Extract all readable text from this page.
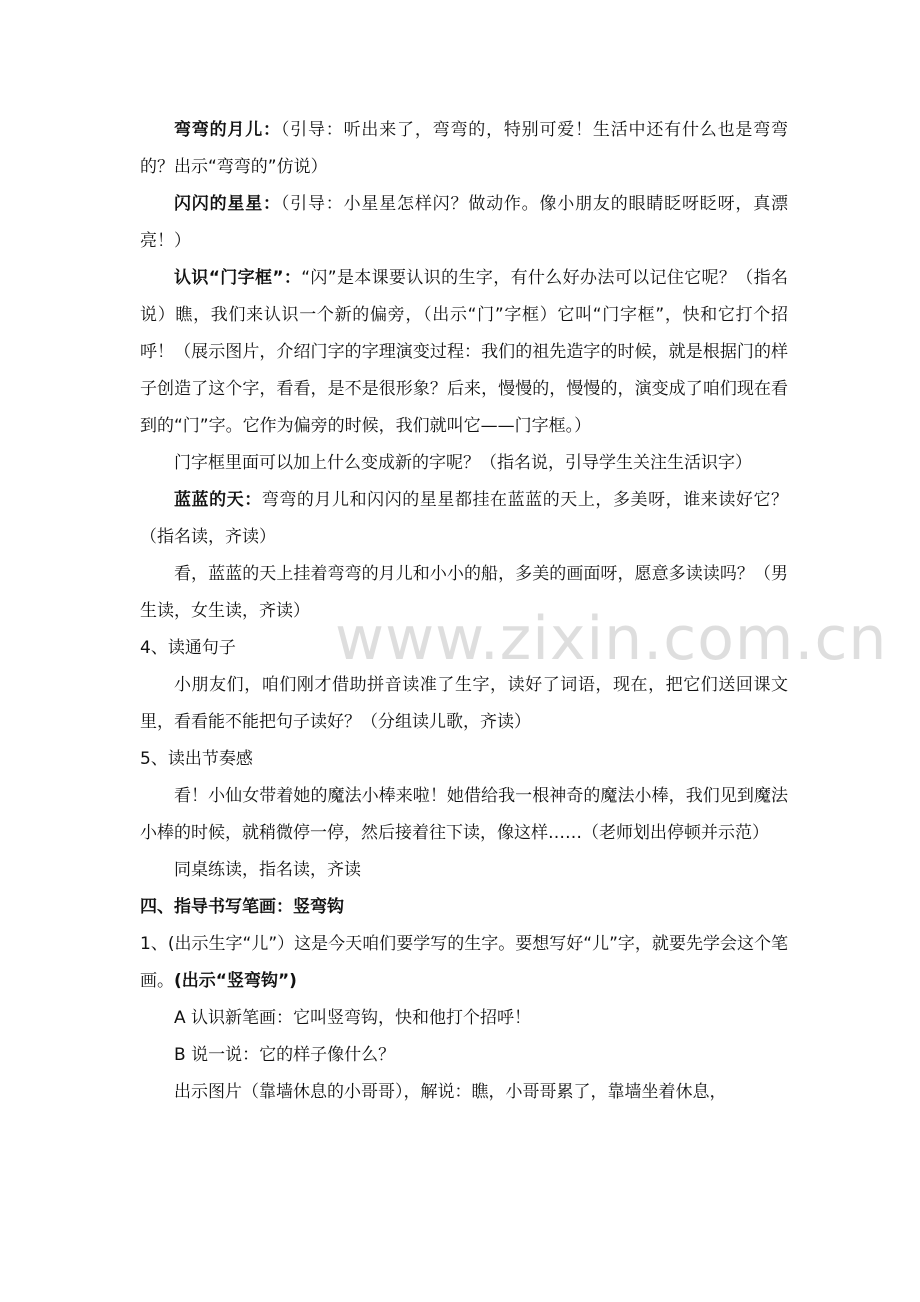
弯弯的月儿：（引导：听出来了，弯弯的，特别可爱！生活中还有什么也是弯弯的？出示“弯弯的”仿说）

闪闪的星星：（引导：小星星怎样闪？做动作。像小朋友的眼睛眨呀眨呀，真漂亮！）

认识“门字框”：“闪”是本课要认识的生字，有什么好办法可以记住它呢？（指名说）瞧，我们来认识一个新的偏旁，（出示“门”字框）它叫“门字框”，快和它打个招呼！（展示图片，介绍门字的字理演变过程：我们的祖先造字的时候，就是根据门的样子创造了这个字，看看，是不是很形象？后来，慢慢的，慢慢的，演变成了咱们现在看到的“门”字。它作为偏旁的时候，我们就叫它——门字框。）

门字框里面可以加上什么变成新的字呢？（指名说，引导学生关注生活识字）

蓝蓝的天：弯弯的月儿和闪闪的星星都挂在蓝蓝的天上，多美呀，谁来读好它？（指名读，齐读）

看，蓝蓝的天上挂着弯弯的月儿和小小的船，多美的画面呀，愿意多读读吗？（男生读，女生读，齐读）

4、读通句子

小朋友们，咱们刚才借助拼音读准了生字，读好了词语，现在，把它们送回课文里，看看能不能把句子读好？（分组读儿歌，齐读）

5、读出节奏感

看！小仙女带着她的魔法小棒来啦！她借给我一根神奇的魔法小棒，我们见到魔法小棒的时候，就稍微停一停，然后接着往下读，像这样……（老师划出停顿并示范）

同桌练读，指名读，齐读

四、指导书写笔画：竖弯钩

1、(出示生字“儿”）这是今天咱们要学写的生字。要想写好“儿”字，就要先学会这个笔画。(出示“竖弯钩”)

A 认识新笔画：它叫竖弯钩，快和他打个招呼！

B 说一说：它的样子像什么？

出示图片（靠墙休息的小哥哥），解说：瞧，小哥哥累了，靠墙坐着休息，

www.zixin.com.cn
